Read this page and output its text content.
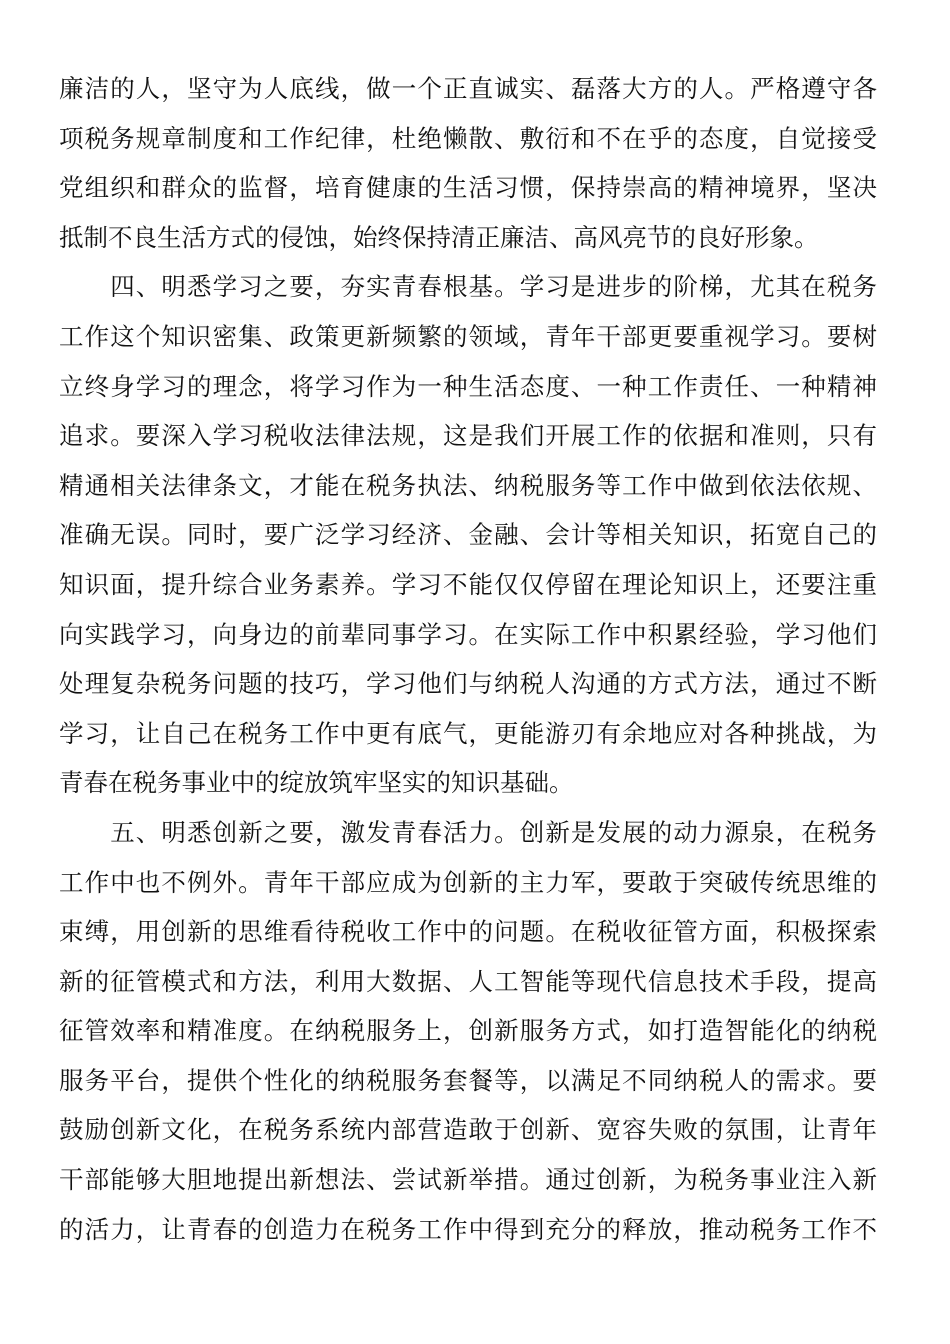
廉洁的人，坚守为人底线，做一个正直诚实、磊落大方的人。严格遵守各
项税务规章制度和工作纪律，杜绝懒散、敷衍和不在乎的态度，自觉接受
党组织和群众的监督，培育健康的生活习惯，保持崇高的精神境界，坚决
抵制不良生活方式的侵蚀，始终保持清正廉洁、高风亮节的良好形象。
　　四、明悉学习之要，夯实青春根基。学习是进步的阶梯，尤其在税务
工作这个知识密集、政策更新频繁的领域，青年干部更要重视学习。要树
立终身学习的理念，将学习作为一种生活态度、一种工作责任、一种精神
追求。要深入学习税收法律法规，这是我们开展工作的依据和准则，只有
精通相关法律条文，才能在税务执法、纳税服务等工作中做到依法依规、
准确无误。同时，要广泛学习经济、金融、会计等相关知识，拓宽自己的
知识面，提升综合业务素养。学习不能仅仅停留在理论知识上，还要注重
向实践学习，向身边的前辈同事学习。在实际工作中积累经验，学习他们
处理复杂税务问题的技巧，学习他们与纳税人沟通的方式方法，通过不断
学习，让自己在税务工作中更有底气，更能游刃有余地应对各种挑战，为
青春在税务事业中的绽放筑牢坚实的知识基础。
　　五、明悉创新之要，激发青春活力。创新是发展的动力源泉，在税务
工作中也不例外。青年干部应成为创新的主力军，要敢于突破传统思维的
束缚，用创新的思维看待税收工作中的问题。在税收征管方面，积极探索
新的征管模式和方法，利用大数据、人工智能等现代信息技术手段，提高
征管效率和精准度。在纳税服务上，创新服务方式，如打造智能化的纳税
服务平台，提供个性化的纳税服务套餐等，以满足不同纳税人的需求。要
鼓励创新文化，在税务系统内部营造敢于创新、宽容失败的氛围，让青年
干部能够大胆地提出新想法、尝试新举措。通过创新，为税务事业注入新
的活力，让青春的创造力在税务工作中得到充分的释放，推动税务工作不
